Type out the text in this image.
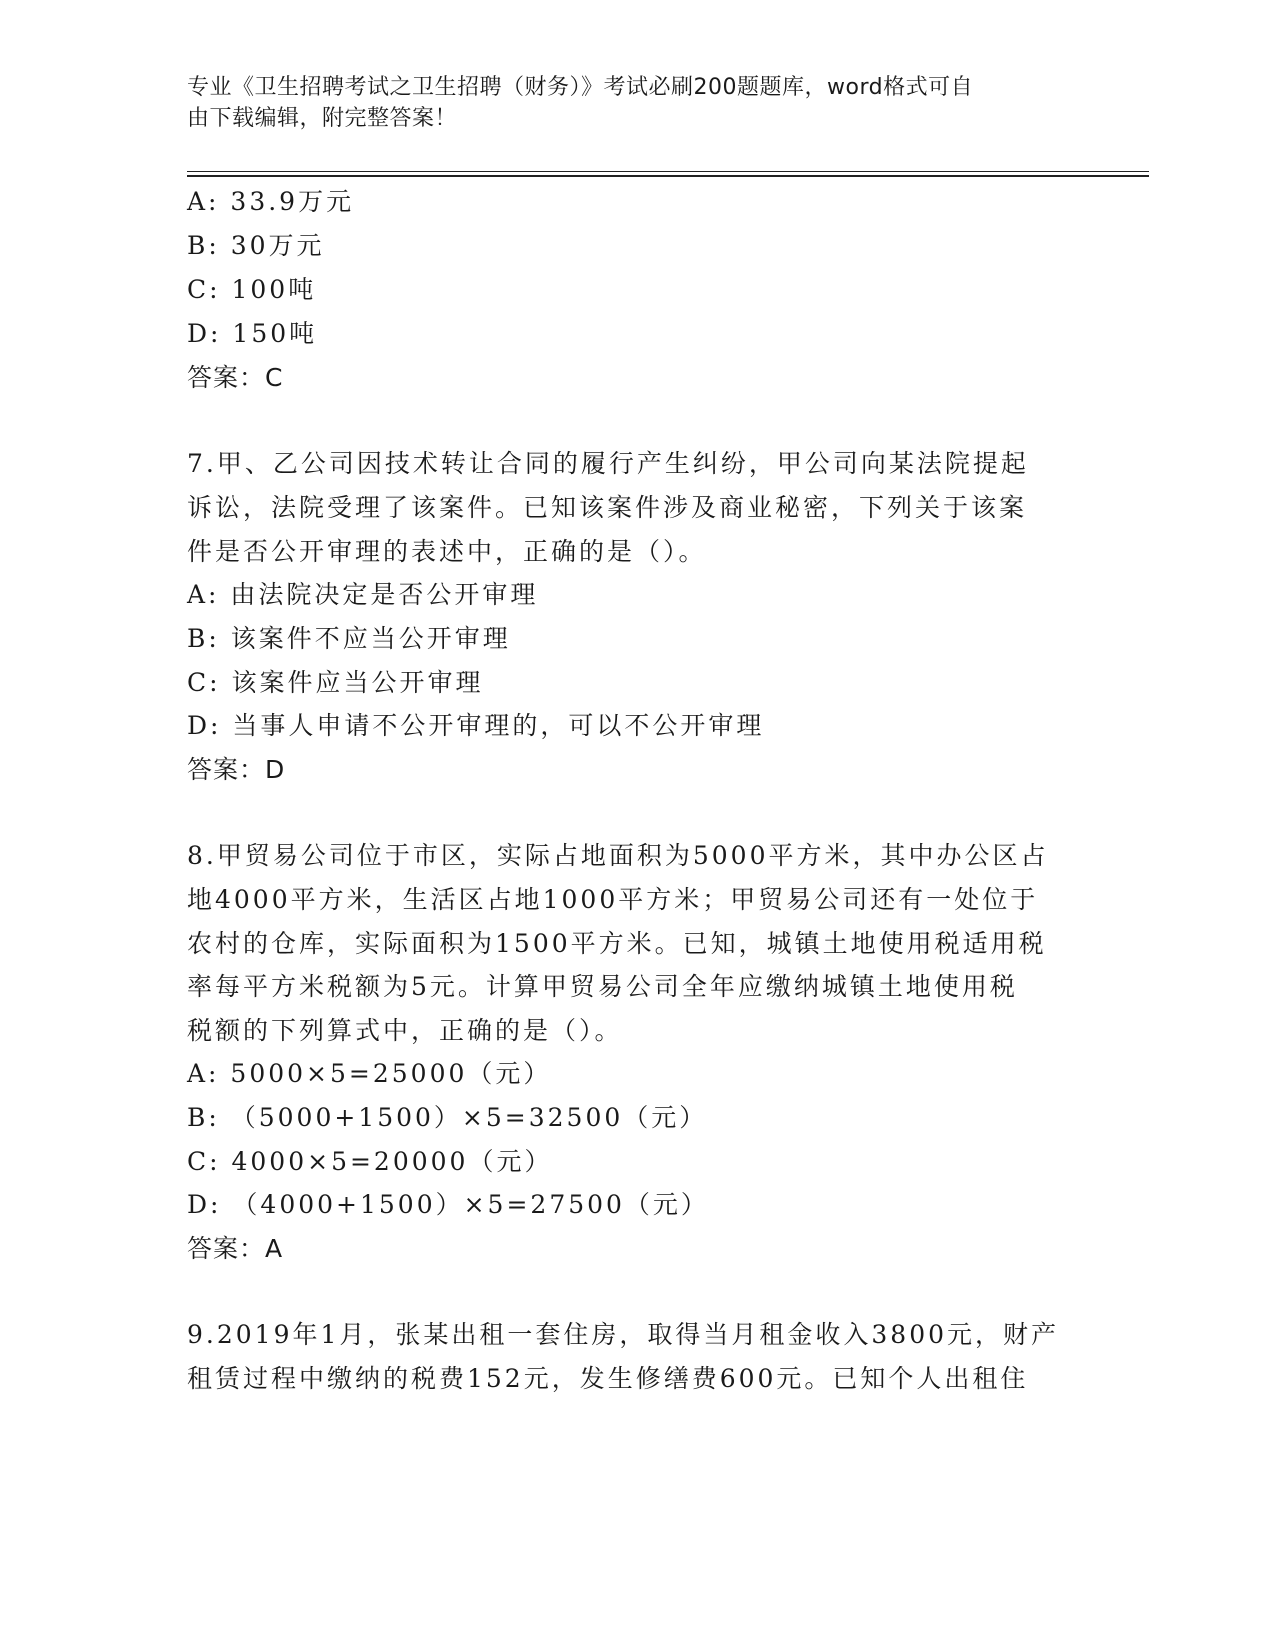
专业《卫生招聘考试之卫生招聘（财务）》考试必刷200题题库，word格式可自
由下载编辑，附完整答案！
A: 33.9万元
B: 30万元
C: 100吨
D: 150吨
答案：C
7.甲、乙公司因技术转让合同的履行产生纠纷，甲公司向某法院提起
诉讼，法院受理了该案件。已知该案件涉及商业秘密，下列关于该案
件是否公开审理的表述中，正确的是（）。
A: 由法院决定是否公开审理
B: 该案件不应当公开审理
C: 该案件应当公开审理
D: 当事人申请不公开审理的，可以不公开审理
答案：D
8.甲贸易公司位于市区，实际占地面积为5000平方米，其中办公区占
地4000平方米，生活区占地1000平方米；甲贸易公司还有一处位于
农村的仓库，实际面积为1500平方米。已知，城镇土地使用税适用税
率每平方米税额为5元。计算甲贸易公司全年应缴纳城镇土地使用税
税额的下列算式中，正确的是（）。
A: 5000×5=25000（元）
B: （5000+1500）×5=32500（元）
C: 4000×5=20000（元）
D: （4000+1500）×5=27500（元）
答案：A
9.2019年1月，张某出租一套住房，取得当月租金收入3800元，财产
租赁过程中缴纳的税费152元，发生修缮费600元。已知个人出租住
